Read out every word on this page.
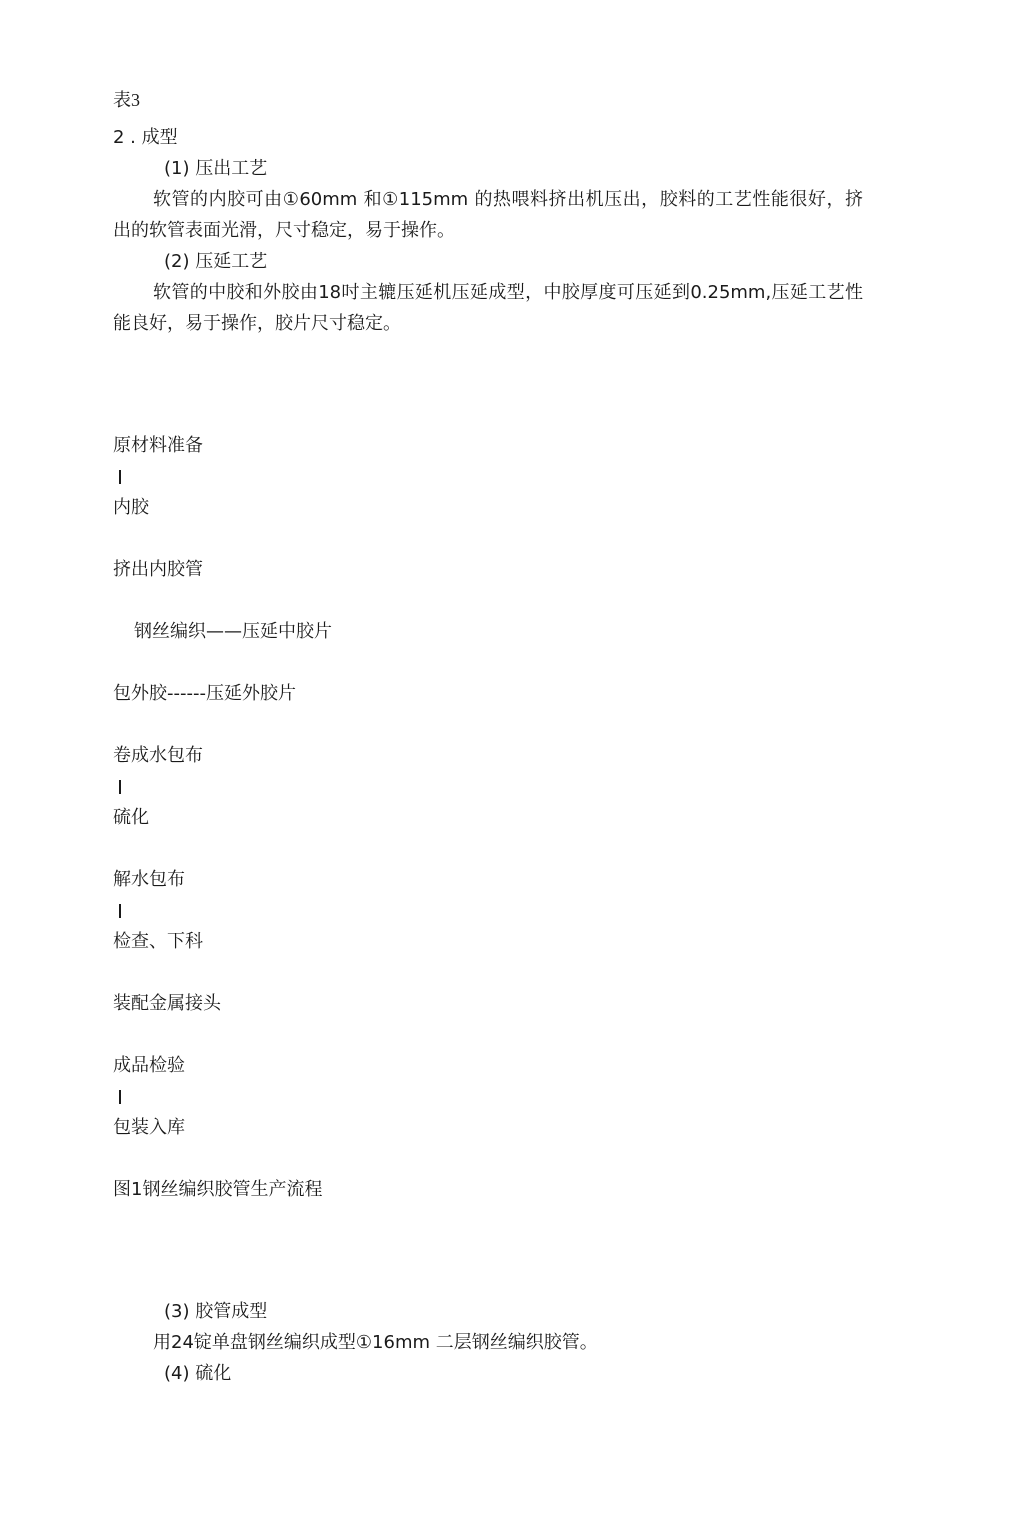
表3
2 . 成型
(1) 压出工艺
软管的内胶可由①60mm 和①115mm 的热喂料挤出机压出，胶料的工艺性能很好，挤出的软管表面光滑，尺寸稳定，易于操作。
(2) 压延工艺
软管的中胶和外胶由18吋主辘压延机压延成型，中胶厚度可压延到0.25mm,压延工艺性能良好，易于操作，胶片尺寸稳定。
原材料准备
内胶
挤出内胶管
钢丝编织——压延中胶片
包外胶------压延外胶片
卷成水包布
硫化
解水包布
检查、下科
装配金属接头
成品检验
包装入库
图1钢丝编织胶管生产流程
(3) 胶管成型
用24锭单盘钢丝编织成型①16mm 二层钢丝编织胶管。
(4) 硫化
